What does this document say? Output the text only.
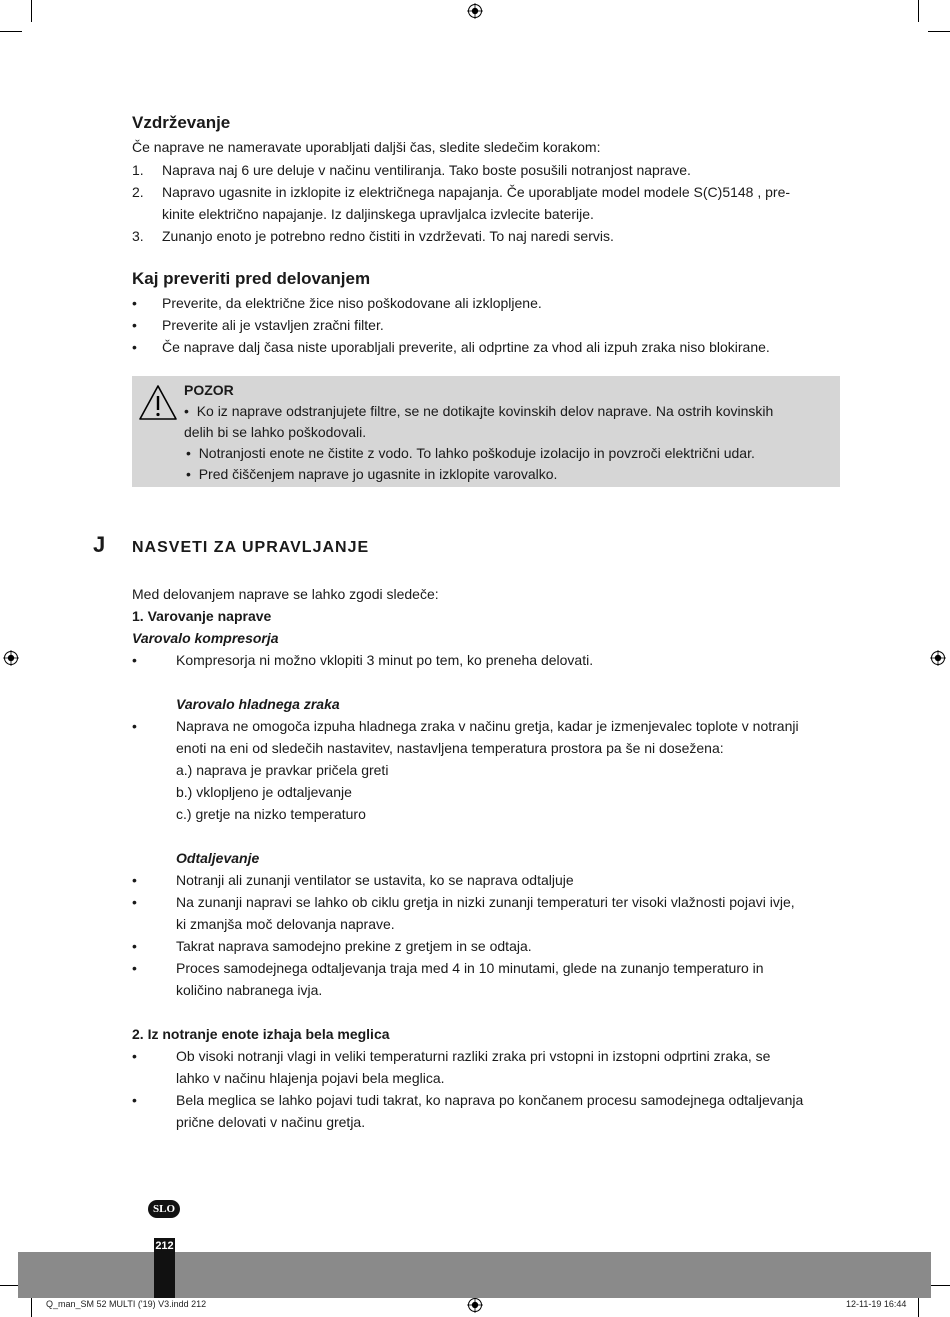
Vzdrževanje
Če naprave ne nameravate uporabljati daljši čas, sledite sledečim korakom:
1. Naprava naj 6 ure deluje v načinu ventiliranja. Tako boste posušili notranjost naprave.
2. Napravo ugasnite in izklopite iz električnega napajanja. Če uporabljate model modele S(C)5148 , pre-
kinite električno napajanje. Iz daljinskega upravljalca izvlecite baterije.
3. Zunanjo enoto je potrebno redno čistiti in vzdrževati. To naj naredi servis.
Kaj preveriti pred delovanjem
• Preverite, da električne žice niso poškodovane ali izklopljene.
• Preverite ali je vstavljen zračni filter.
• Če naprave dalj časa niste uporabljali preverite, ali odprtine za vhod ali izpuh zraka niso blokirane.
POZOR
• Ko iz naprave odstranjujete filtre, se ne dotikajte kovinskih delov naprave. Na ostrih kovinskih
delih bi se lahko poškodovali.
• Notranjosti enote ne čistite z vodo. To lahko poškoduje izolacijo in povzroči električni udar.
• Pred čiščenjem naprave jo ugasnite in izklopite varovalko.
J NASVETI ZA UPRAVLJANJE
Med delovanjem naprave se lahko zgodi sledeče:
1. Varovanje naprave
Varovalo kompresorja
•	Kompresorja ni možno vklopiti 3 minut po tem, ko preneha delovati.
Varovalo hladnega zraka
•	Naprava ne omogoča izpuha hladnega zraka v načinu gretja, kadar je izmenjevalec toplote v notranji
enoti na eni od sledečih nastavitev, nastavljena temperatura prostora pa še ni dosežena:
a.) naprava je pravkar pričela greti
b.) vklopljeno je odtaljevanje
c.) gretje na nizko temperaturo
Odtaljevanje
•	Notranji ali zunanji ventilator se ustavita, ko se naprava odtaljuje
•	Na zunanji napravi se lahko ob ciklu gretja in nizki zunanji temperaturi ter visoki vlažnosti pojavi ivje,
ki zmanjša moč delovanja naprave.
•	Takrat naprava samodejno prekine z gretjem in se odtaja.
•	Proces samodejnega odtaljevanja traja med 4 in 10 minutami, glede na zunanjo temperaturo in
količino nabranega ivja.
2. Iz notranje enote izhaja bela meglica
•	Ob visoki notranji vlagi in veliki temperaturni razliki zraka pri vstopni in izstopni odprtini zraka, se
lahko v načinu hlajenja pojavi bela meglica.
•	Bela meglica se lahko pojavi tudi takrat, ko naprava po končanem procesu samodejnega odtaljevanja
prične delovati v načinu gretja.
SLO
212
Q_man_SM 52 MULTI ('19) V3.indd 212	12-11-19 16:44
